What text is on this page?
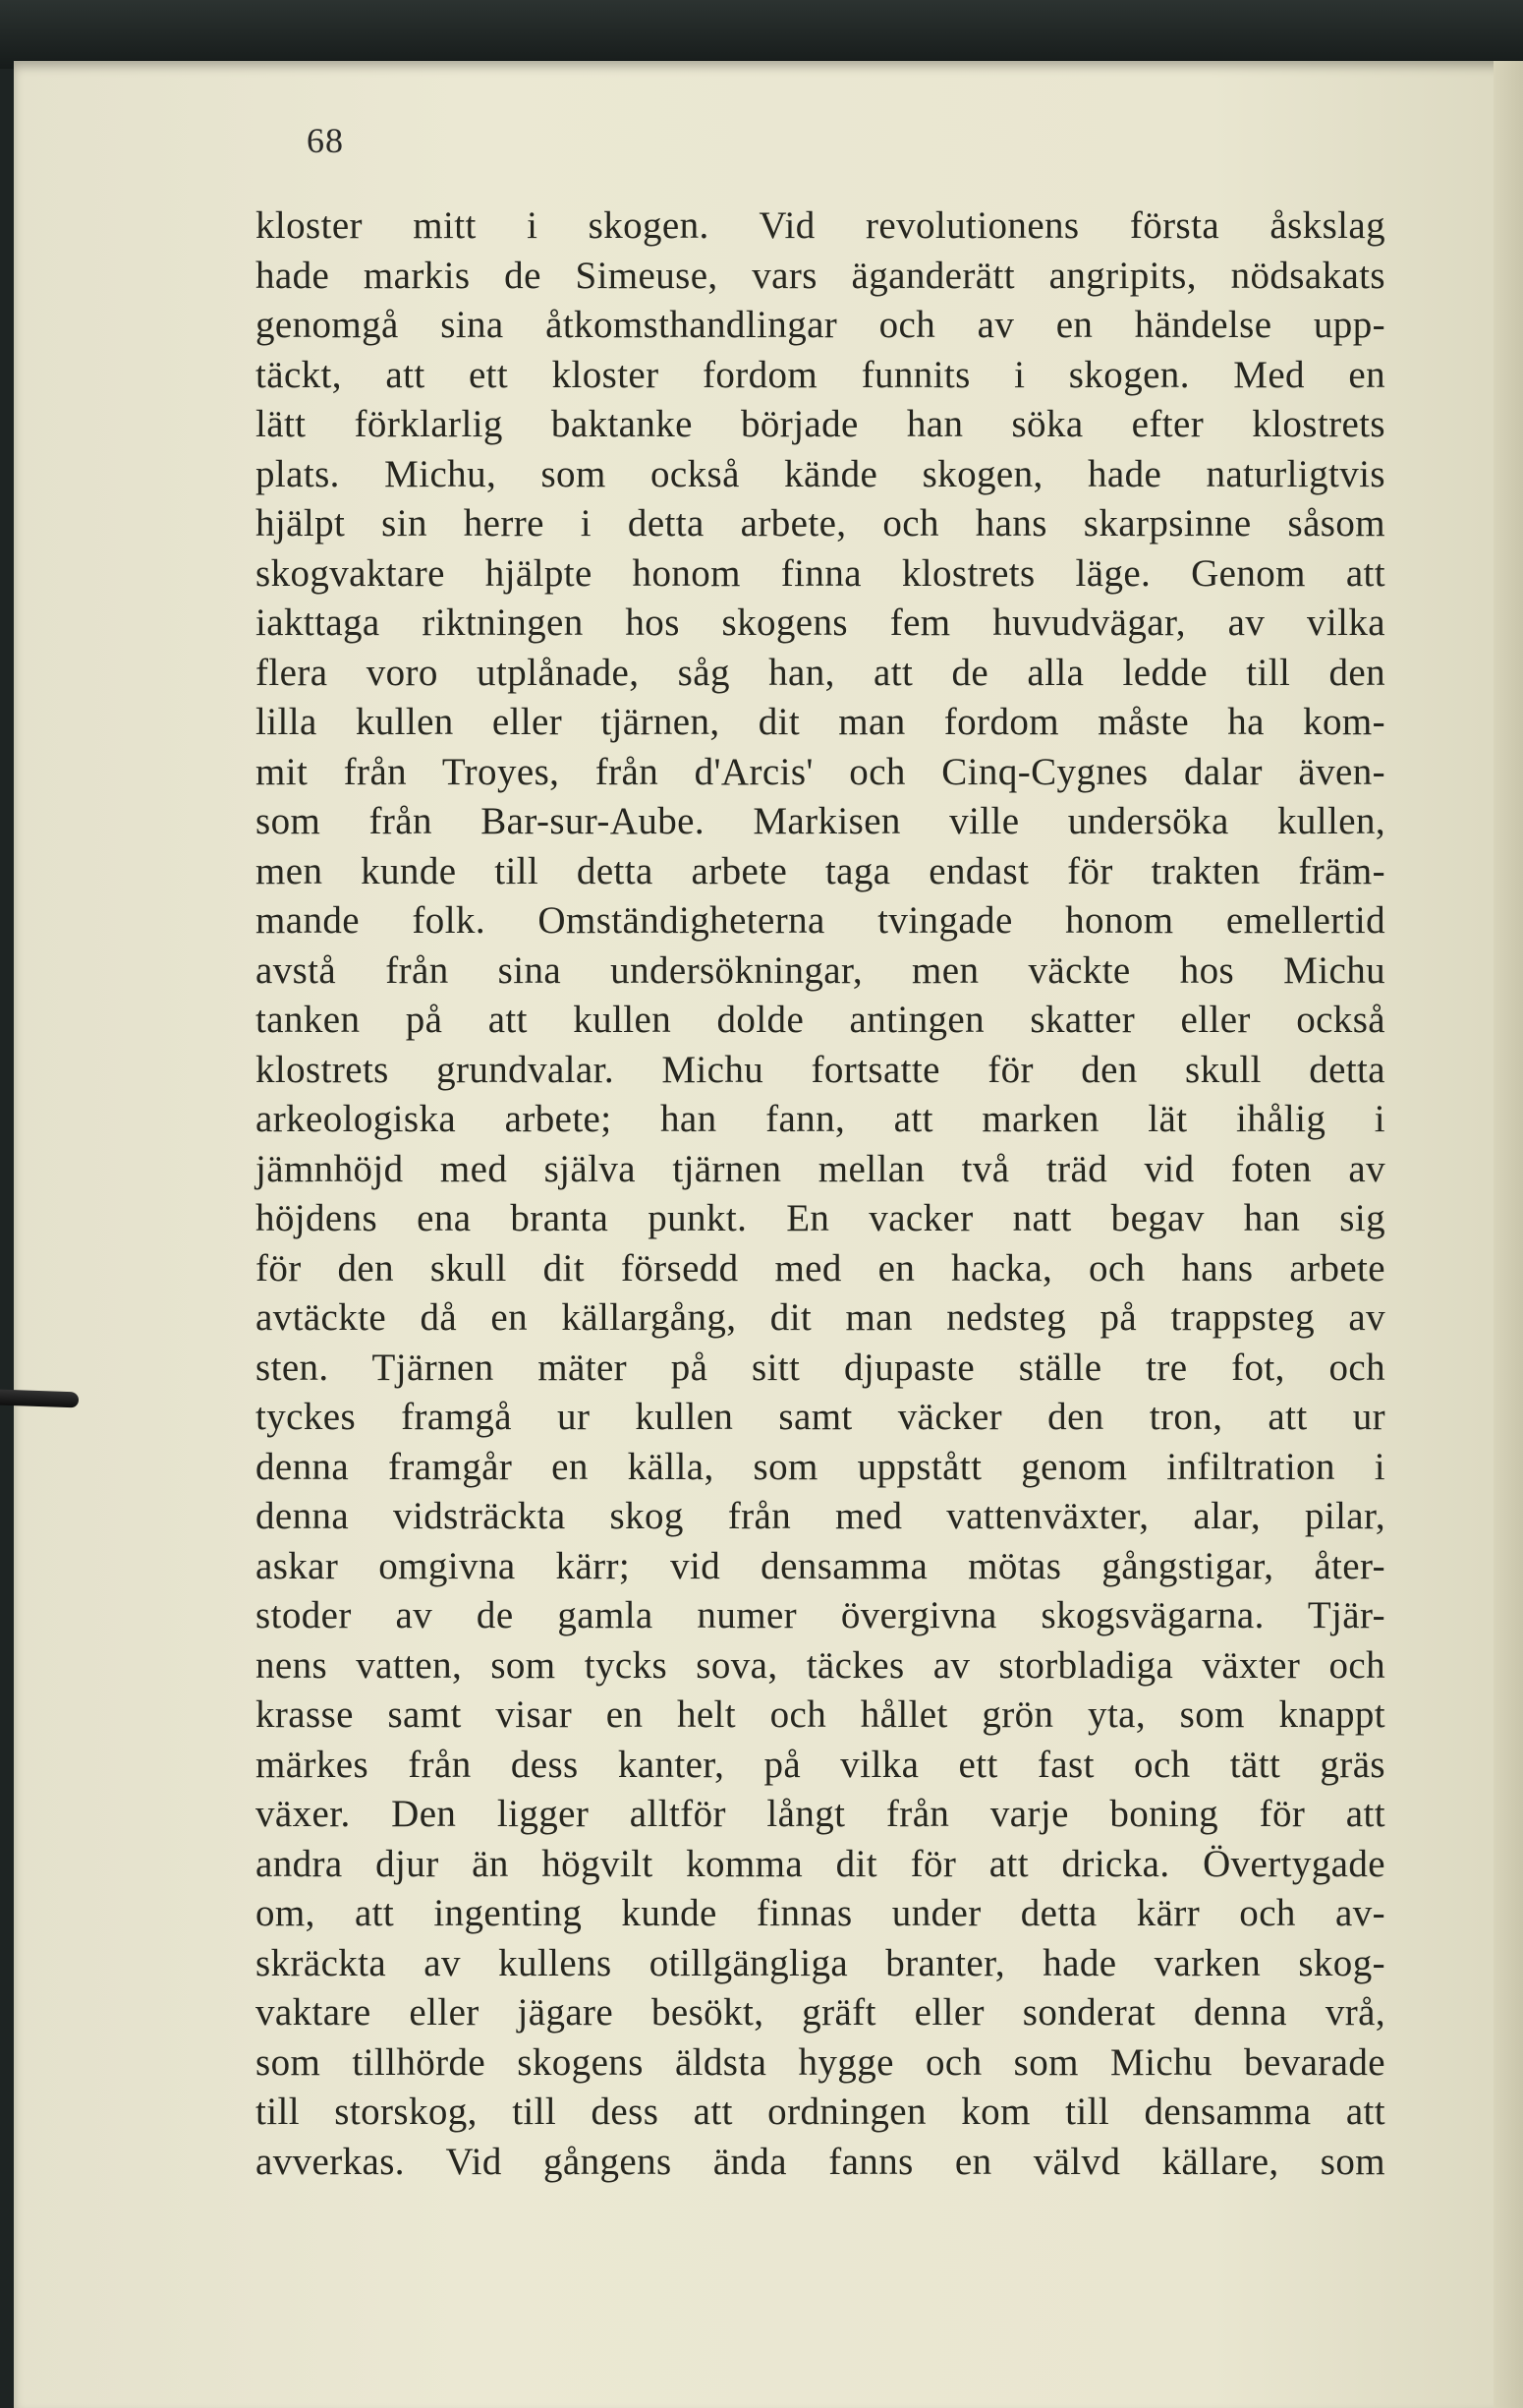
68
kloster mitt i skogen. Vid revolutionens första åskslag
hade markis de Simeuse, vars äganderätt angripits, nödsakats
genomgå sina åtkomsthandlingar och av en händelse upp-
täckt, att ett kloster fordom funnits i skogen. Med en
lätt förklarlig baktanke började han söka efter klostrets
plats. Michu, som också kände skogen, hade naturligtvis
hjälpt sin herre i detta arbete, och hans skarpsinne såsom
skogvaktare hjälpte honom finna klostrets läge. Genom att
iakttaga riktningen hos skogens fem huvudvägar, av vilka
flera voro utplånade, såg han, att de alla ledde till den
lilla kullen eller tjärnen, dit man fordom måste ha kom-
mit från Troyes, från d'Arcis' och Cinq-Cygnes dalar även-
som från Bar-sur-Aube. Markisen ville undersöka kullen,
men kunde till detta arbete taga endast för trakten främ-
mande folk. Omständigheterna tvingade honom emellertid
avstå från sina undersökningar, men väckte hos Michu
tanken på att kullen dolde antingen skatter eller också
klostrets grundvalar. Michu fortsatte för den skull detta
arkeologiska arbete; han fann, att marken lät ihålig i
jämnhöjd med själva tjärnen mellan två träd vid foten av
höjdens ena branta punkt. En vacker natt begav han sig
för den skull dit försedd med en hacka, och hans arbete
avtäckte då en källargång, dit man nedsteg på trappsteg av
sten. Tjärnen mäter på sitt djupaste ställe tre fot, och
tyckes framgå ur kullen samt väcker den tron, att ur
denna framgår en källa, som uppstått genom infiltration i
denna vidsträckta skog från med vattenväxter, alar, pilar,
askar omgivna kärr; vid densamma mötas gångstigar, åter-
stoder av de gamla numer övergivna skogsvägarna. Tjär-
nens vatten, som tycks sova, täckes av storbladiga växter och
krasse samt visar en helt och hållet grön yta, som knappt
märkes från dess kanter, på vilka ett fast och tätt gräs
växer. Den ligger alltför långt från varje boning för att
andra djur än högvilt komma dit för att dricka. Övertygade
om, att ingenting kunde finnas under detta kärr och av-
skräckta av kullens otillgängliga branter, hade varken skog-
vaktare eller jägare besökt, gräft eller sonderat denna vrå,
som tillhörde skogens äldsta hygge och som Michu bevarade
till storskog, till dess att ordningen kom till densamma att
avverkas. Vid gångens ända fanns en välvd källare, som
